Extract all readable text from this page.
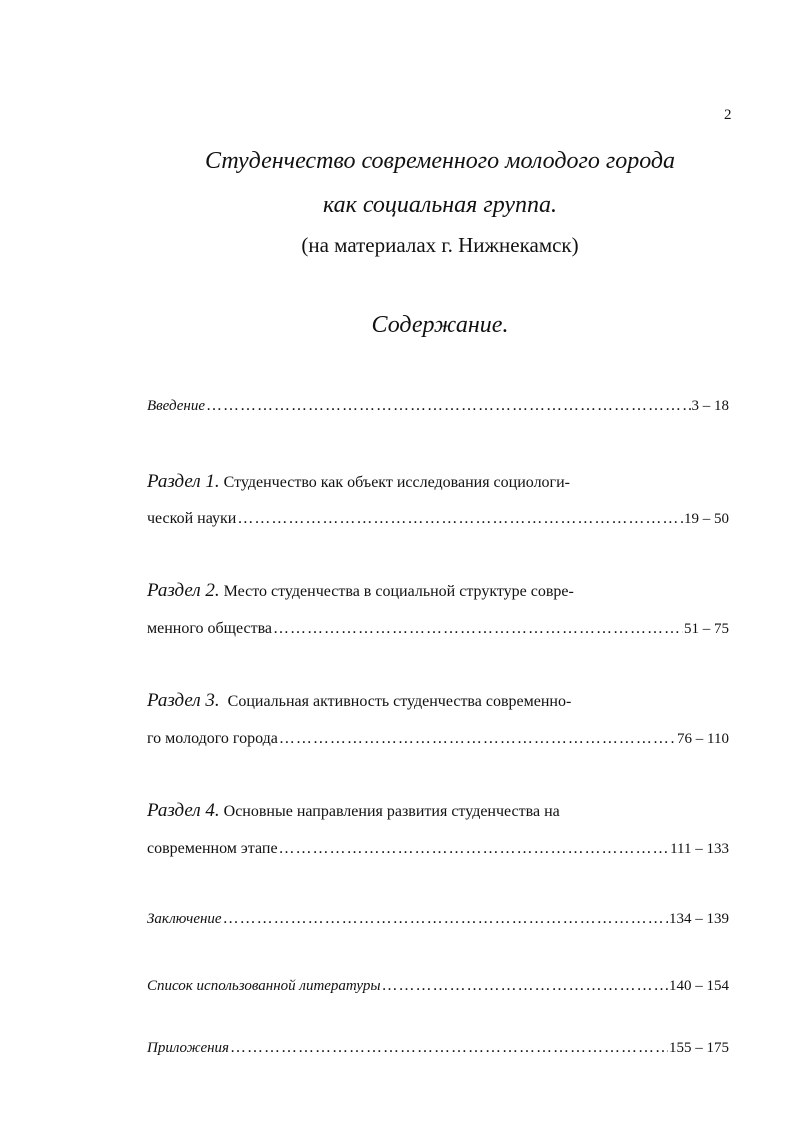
2
Студенчество современного молодого города
как социальная группа.
(на материалах г. Нижнекамск)
Содержание.
Введение …………………………………………………………………………………………………………………………………………………………………………	3 – 18
Раздел 1.
Студенчество как объект исследования социологи-
ческой науки …………………………………………………………………………………………………………………………………………………………………………	19 – 50
Раздел 2.
Место студенчества в социальной структуре совре-
менного общества …………………………………………………………………………………………………………………………………………………………………………	51 – 75
Раздел 3.
Социальная активность студенчества современно-
го молодого города …………………………………………………………………………………………………………………………………………………………………………	76 – 110
Раздел 4.
Основные направления развития студенчества на
современном этапе …………………………………………………………………………………………………………………………………………………………………………	111 – 133
Заключение …………………………………………………………………………………………………………………………………………………………………………	134 – 139
Список использованной литературы …………………………………………………………………………………………………………………………………………………………………………	140 – 154
Приложения …………………………………………………………………………………………………………………………………………………………………………	155 – 175
